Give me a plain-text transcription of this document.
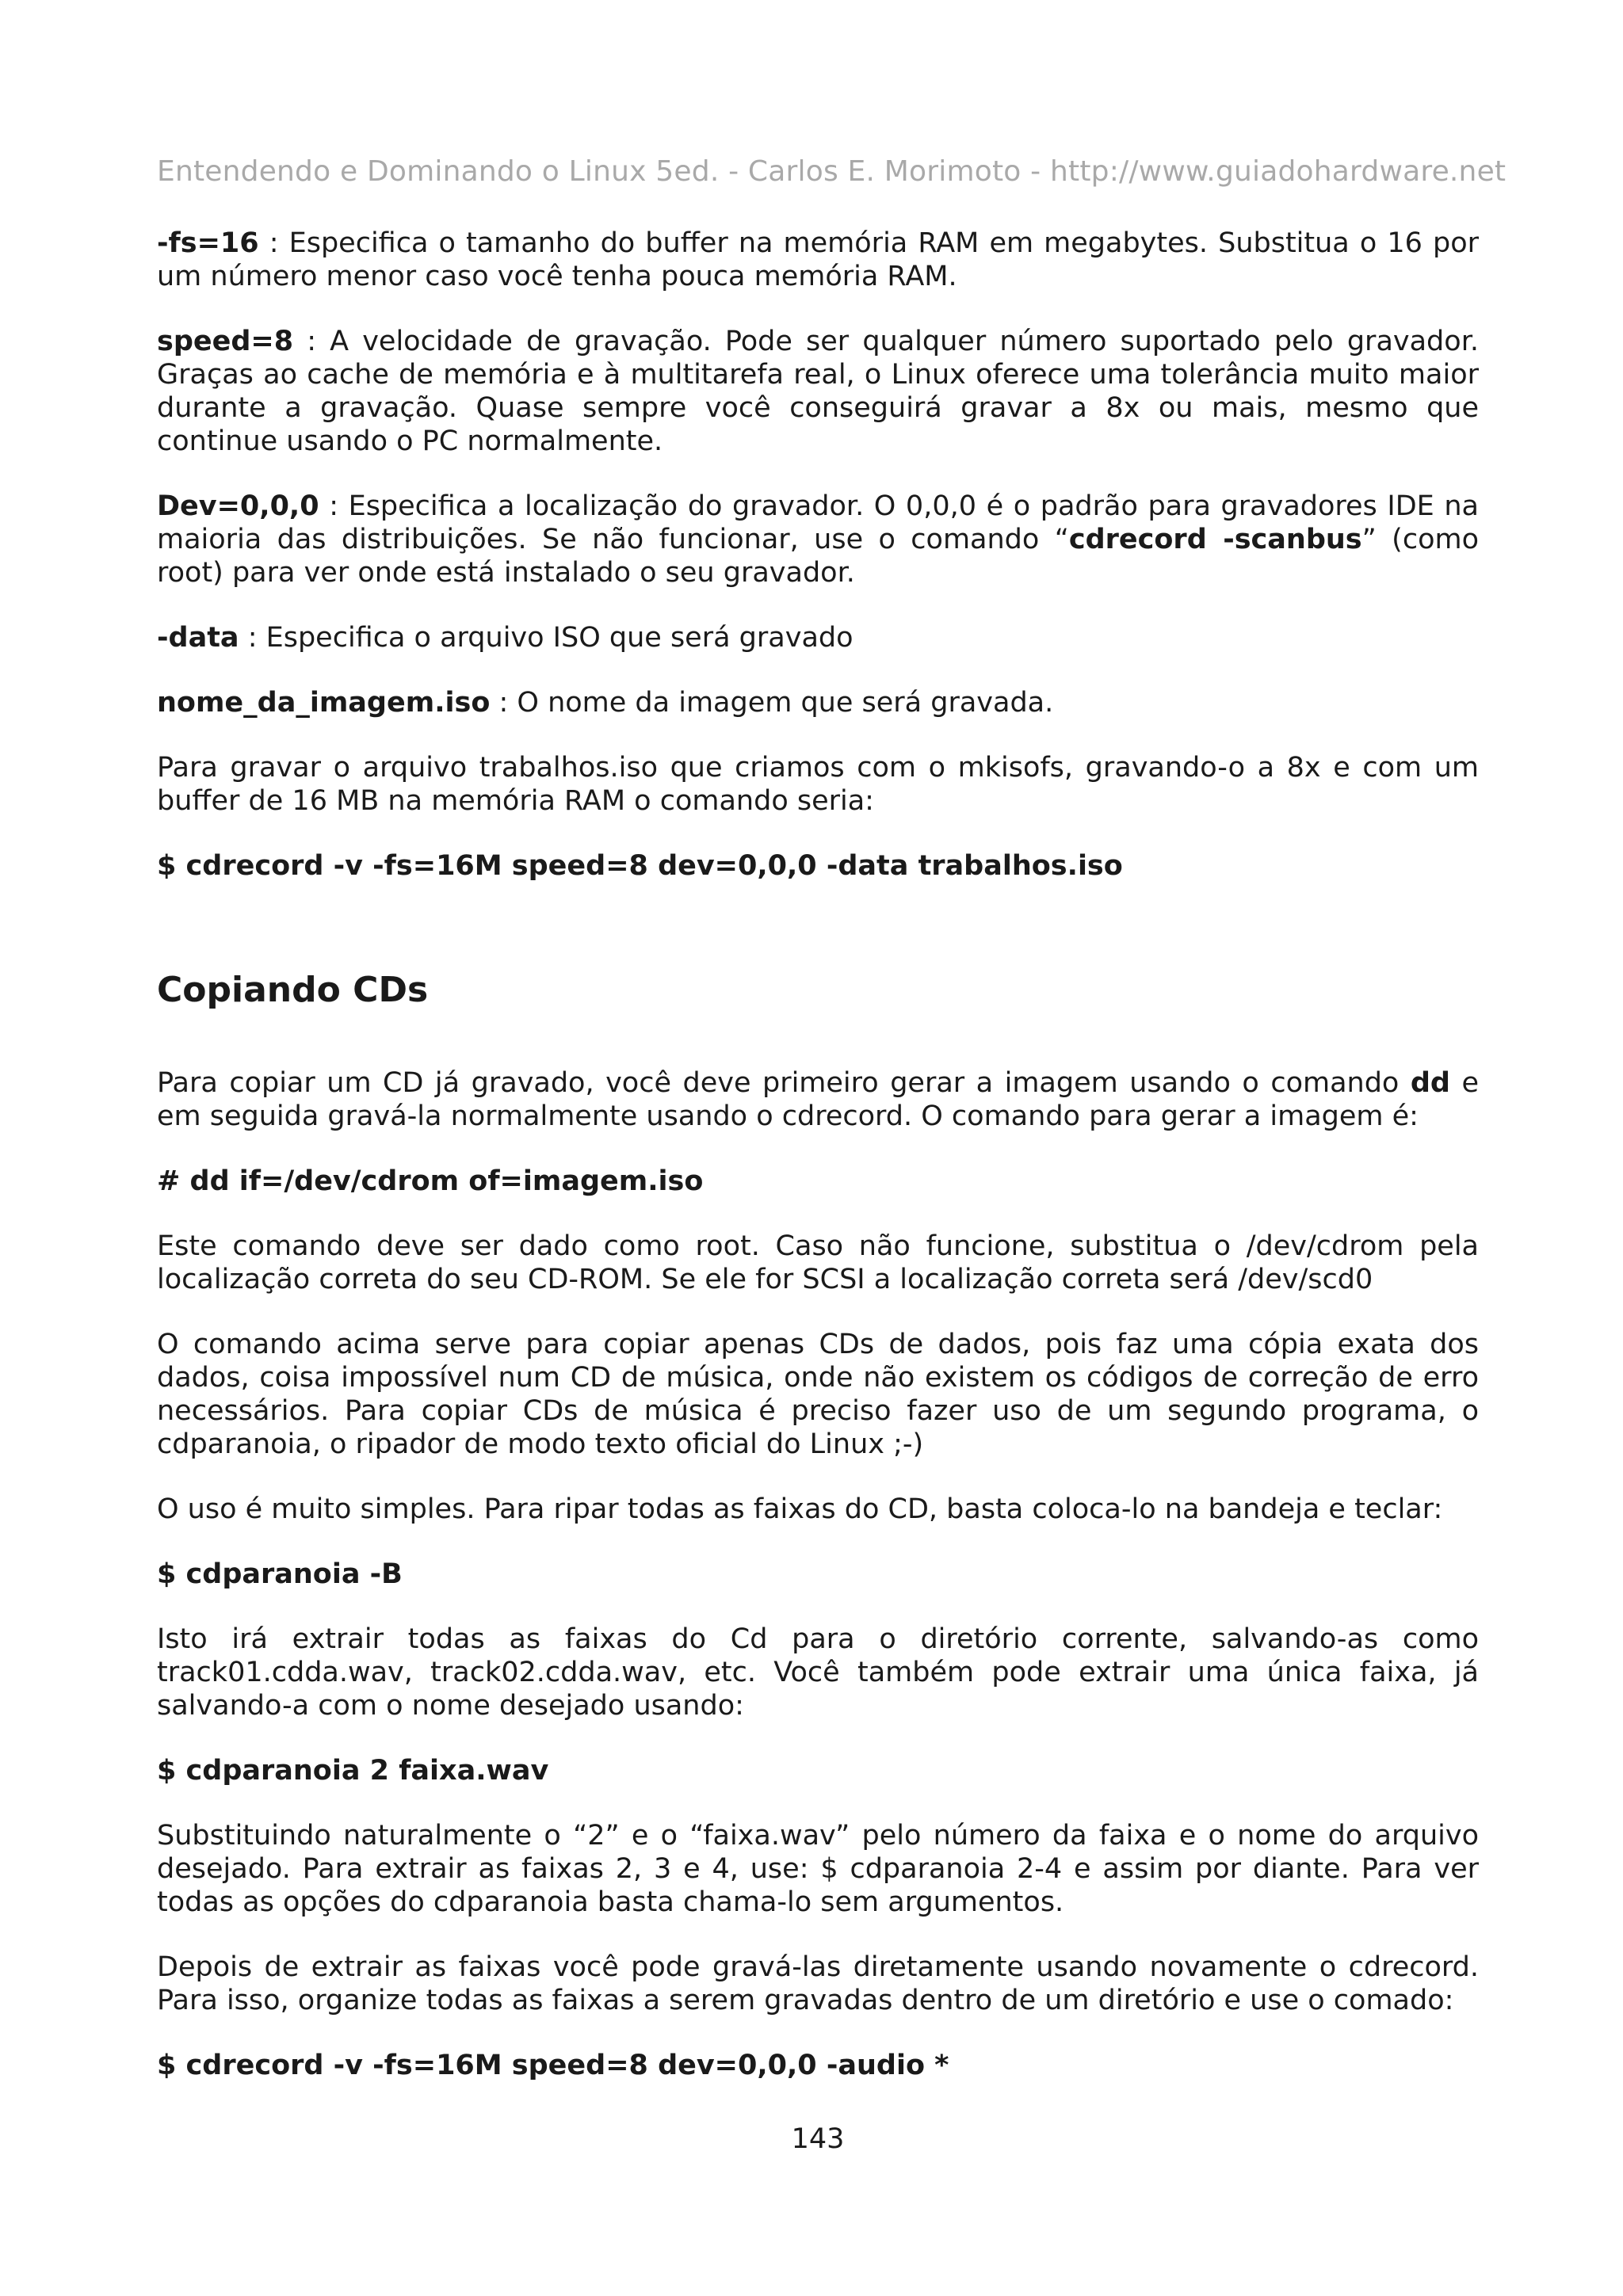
Entendendo e Dominando o Linux 5ed. - Carlos E. Morimoto - http://www.guiadohardware.net

-fs=16 : Especifica o tamanho do buffer na memória RAM em megabytes. Substitua o 16 por um número menor caso você tenha pouca memória RAM.

speed=8 : A velocidade de gravação. Pode ser qualquer número suportado pelo gravador. Graças ao cache de memória e à multitarefa real, o Linux oferece uma tolerância muito maior durante a gravação. Quase sempre você conseguirá gravar a 8x ou mais, mesmo que continue usando o PC normalmente.

Dev=0,0,0 : Especifica a localização do gravador. O 0,0,0 é o padrão para gravadores IDE na maioria das distribuições. Se não funcionar, use o comando “cdrecord -scanbus” (como root) para ver onde está instalado o seu gravador.

-data : Especifica o arquivo ISO que será gravado

nome_da_imagem.iso : O nome da imagem que será gravada.

Para gravar o arquivo trabalhos.iso que criamos com o mkisofs, gravando-o a 8x e com um buffer de 16 MB na memória RAM o comando seria:

$ cdrecord -v -fs=16M speed=8 dev=0,0,0 -data trabalhos.iso
Copiando CDs

Para copiar um CD já gravado, você deve primeiro gerar a imagem usando o comando dd e em seguida gravá-la normalmente usando o cdrecord. O comando para gerar a imagem é:

# dd if=/dev/cdrom of=imagem.iso

Este comando deve ser dado como root. Caso não funcione, substitua o /dev/cdrom pela localização correta do seu CD-ROM. Se ele for SCSI a localização correta será /dev/scd0

O comando acima serve para copiar apenas CDs de dados, pois faz uma cópia exata dos dados, coisa impossível num CD de música, onde não existem os códigos de correção de erro necessários. Para copiar CDs de música é preciso fazer uso de um segundo programa, o cdparanoia, o ripador de modo texto oficial do Linux ;-)

O uso é muito simples. Para ripar todas as faixas do CD, basta coloca-lo na bandeja e teclar:

$ cdparanoia -B

Isto irá extrair todas as faixas do Cd para o diretório corrente, salvando-as como track01.cdda.wav, track02.cdda.wav, etc. Você também pode extrair uma única faixa, já salvando-a com o nome desejado usando:

$ cdparanoia 2 faixa.wav

Substituindo naturalmente o “2” e o “faixa.wav” pelo número da faixa e o nome do arquivo desejado. Para extrair as faixas 2, 3 e 4, use: $ cdparanoia 2-4 e assim por diante. Para ver todas as opções do cdparanoia basta chama-lo sem argumentos.

Depois de extrair as faixas você pode gravá-las diretamente usando novamente o cdrecord. Para isso, organize todas as faixas a serem gravadas dentro de um diretório e use o comado:

$ cdrecord -v -fs=16M speed=8 dev=0,0,0 -audio *
143
